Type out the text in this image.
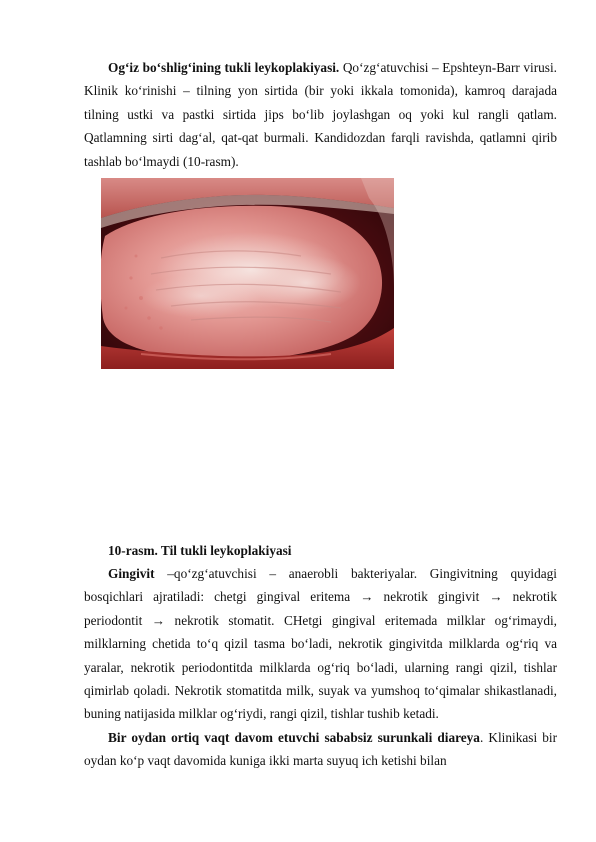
Og‘iz bo‘shlig‘ining tukli leykoplakiyasi. Qo‘zg‘atuvchisi – Epshteyn-Barr virusi. Klinik ko‘rinishi – tilning yon sirtida (bir yoki ikkala tomonida), kamroq darajada tilning ustki va pastki sirtida jips bo‘lib joylashgan oq yoki kul rangli qatlam. Qatlamning sirti dag‘al, qat-qat burmali. Kandidozdan farqli ravishda, qatlamni qirib tashlab bo‘lmaydi (10-rasm).

10-rasm. Til tukli leykoplakiyasi

Gingivit –qo‘zg‘atuvchisi – anaerobli bakteriyalar. Gingivitning quyidagi bosqichlari ajratiladi: chetgi gingival eritema → nekrotik gingivit → nekrotik periodontit → nekrotik stomatit. CHetgi gingival eritemada milklar og‘rimaydi, milklarning chetida to‘q qizil tasma bo‘ladi, nekrotik gingivitda milklarda og‘riq va yaralar, nekrotik periodontitda milklarda og‘riq bo‘ladi, ularning rangi qizil, tishlar qimirlab qoladi. Nekrotik stomatitda milk, suyak va yumshoq to‘qimalar shikastlanadi, buning natijasida milklar og‘riydi, rangi qizil, tishlar tushib ketadi.

Bir oydan ortiq vaqt davom etuvchi sababsiz surunkali diareya. Klinikasi bir oydan ko‘p vaqt davomida kuniga ikki marta suyuq ich ketishi bilan
